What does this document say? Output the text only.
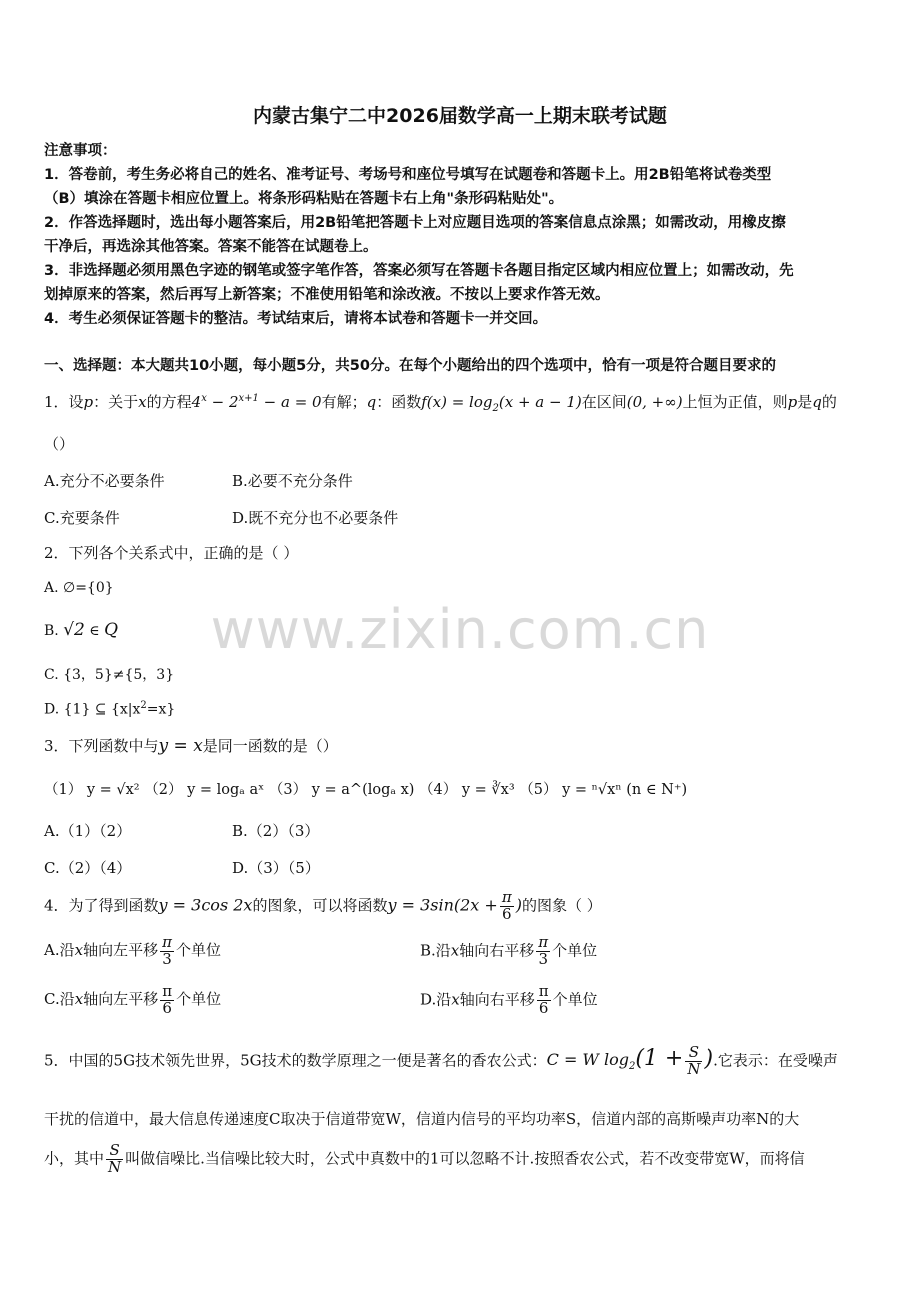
www.zixin.com.cn
内蒙古集宁二中2026届数学高一上期末联考试题
注意事项：
1．答卷前，考生务必将自己的姓名、准考证号、考场号和座位号填写在试题卷和答题卡上。用2B铅笔将试卷类型
（B）填涂在答题卡相应位置上。将条形码粘贴在答题卡右上角"条形码粘贴处"。
2．作答选择题时，选出每小题答案后，用2B铅笔把答题卡上对应题目选项的答案信息点涂黑；如需改动，用橡皮擦
干净后，再选涂其他答案。答案不能答在试题卷上。
3．非选择题必须用黑色字迹的钢笔或签字笔作答，答案必须写在答题卡各题目指定区域内相应位置上；如需改动，先
划掉原来的答案，然后再写上新答案；不准使用铅笔和涂改液。不按以上要求作答无效。
4．考生必须保证答题卡的整洁。考试结束后，请将本试卷和答题卡一并交回。
一、选择题：本大题共10小题，每小题5分，共50分。在每个小题给出的四个选项中，恰有一项是符合题目要求的
1．设p：关于x的方程$4^x - 2^{x+1} - a = 0$有解；q：函数$f(x) = \log_2(x + a - 1)$在区间(0, +∞)上恒为正值，则p是q的
（）
A.充分不必要条件	B.必要不充分条件
C.充要条件	D.既不充分也不必要条件
2．下列各个关系式中，正确的是（ ）
A. ∅={0}
B. √2 ∈ Q
C. {3，5}≠{5，3}
D. {1} ⊆ $\{x|x^2=x\}$
3．下列函数中与y = x是同一函数的是（）
（1） y = √x² （2） y = logₐ aˣ （3） y = a^(logₐ x) （4） y = ∛x³ （5） y = ⁿ√xⁿ (n ∈ N⁺)
A.（1）（2）	B.（2）（3）
C.（2）（4）	D.（3）（5）
4．为了得到函数y = 3cos 2x的图象，可以将函数$y = 3\sin(2x + \frac{\pi}{6}$ )的图象（ ）
A.沿x轴向左平移 $\frac{\pi}{3}$ 个单位	B.沿x轴向右平移 $\frac{\pi}{3}$ 个单位
C.沿x轴向左平移 $\frac{\pi}{6}$ 个单位	D.沿x轴向右平移 $\frac{\pi}{6}$ 个单位
5．中国的5G技术领先世界，5G技术的数学原理之一便是著名的香农公式：C = W $\log_2(1 + \frac{S}{N}$ ).它表示：在受噪声
干扰的信道中，最大信息传递速度C取决于信道带宽W，信道内信号的平均功率S，信道内部的高斯噪声功率N的大
小，其中 $\frac{S}{N}$ 叫做信噪比.当信噪比较大时，公式中真数中的1可以忽略不计.按照香农公式，若不改变带宽W，而将信
